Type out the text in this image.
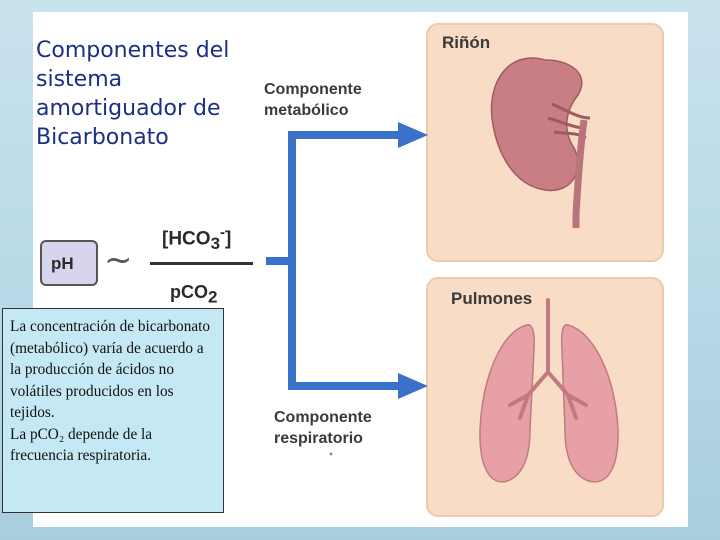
Componentes del sistema amortiguador de Bicarbonato
Riñón
Pulmones
Componente
metabólico
Componente
respiratorio
pH ~
$[HCO_3^-]$
pCO$_2$

La concentración de bicarbonato (metabólico) varía de acuerdo a la producción de ácidos no volátiles producidos en los tejidos.

La pCO₂ depende de la frecuencia respiratoria.
